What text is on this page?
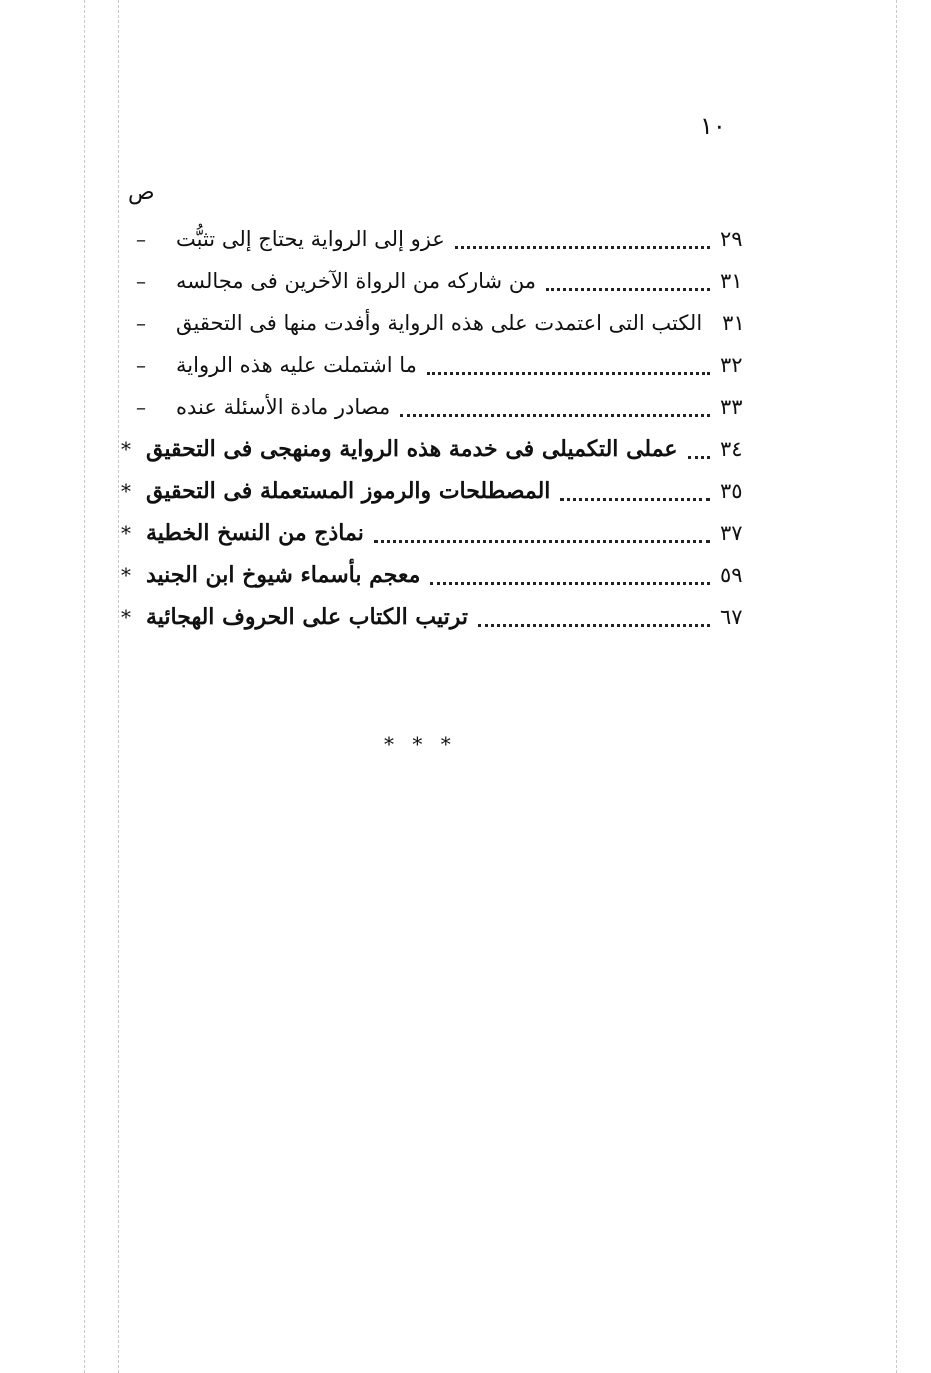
١٠
ص
–	عزو إلى الرواية يحتاج إلى تثبُّت	٢٩
–	من شاركه من الرواة الآخرين فى مجالسه	٣١
–	الكتب التى اعتمدت على هذه الرواية وأفدت منها فى التحقيق ٣١
–	ما اشتملت عليه هذه الرواية	٣٢
–	مصادر مادة الأسئلة عنده	٣٣
* عملى التكميلى فى خدمة هذه الرواية ومنهجى فى التحقيق ٣٤
* المصطلحات والرموز المستعملة فى التحقيق	٣٥
* نماذج من النسخ الخطية	٣٧
* معجم بأسماء شيوخ ابن الجنيد	٥٩
* ترتيب الكتاب على الحروف الهجائية	٦٧
* * *
